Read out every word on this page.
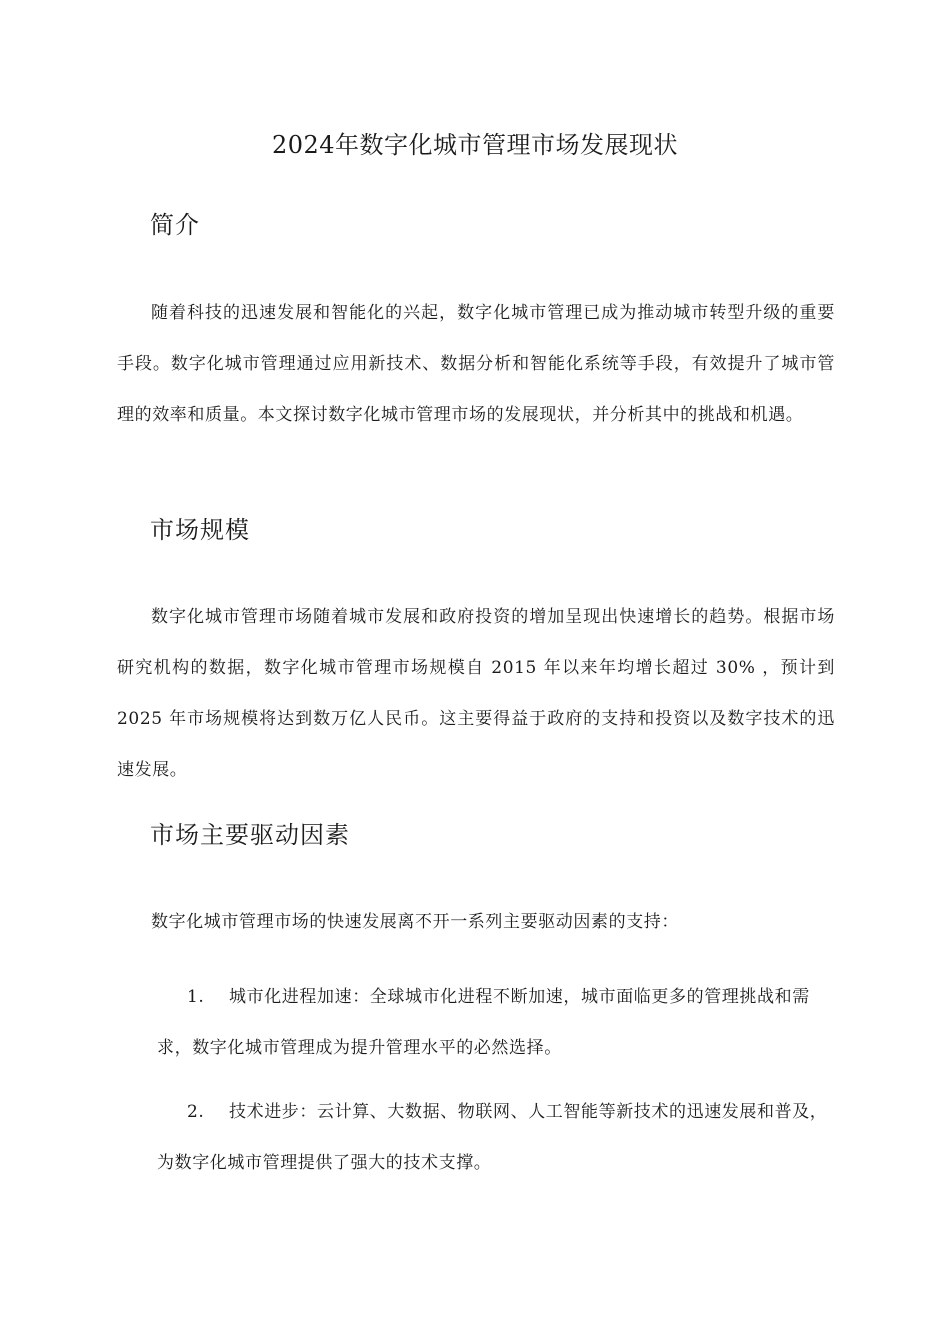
2024年数字化城市管理市场发展现状
简介
随着科技的迅速发展和智能化的兴起，数字化城市管理已成为推动城市转型升级的重要手段。数字化城市管理通过应用新技术、数据分析和智能化系统等手段，有效提升了城市管理的效率和质量。本文探讨数字化城市管理市场的发展现状，并分析其中的挑战和机遇。
市场规模
数字化城市管理市场随着城市发展和政府投资的增加呈现出快速增长的趋势。根据市场研究机构的数据，数字化城市管理市场规模自 2015 年以来年均增长超过 30% ，预计到 2025 年市场规模将达到数万亿人民币。这主要得益于政府的支持和投资以及数字技术的迅速发展。
市场主要驱动因素
数字化城市管理市场的快速发展离不开一系列主要驱动因素的支持：
1. 城市化进程加速：全球城市化进程不断加速，城市面临更多的管理挑战和需求，数字化城市管理成为提升管理水平的必然选择。
2. 技术进步：云计算、大数据、物联网、人工智能等新技术的迅速发展和普及，为数字化城市管理提供了强大的技术支撑。
